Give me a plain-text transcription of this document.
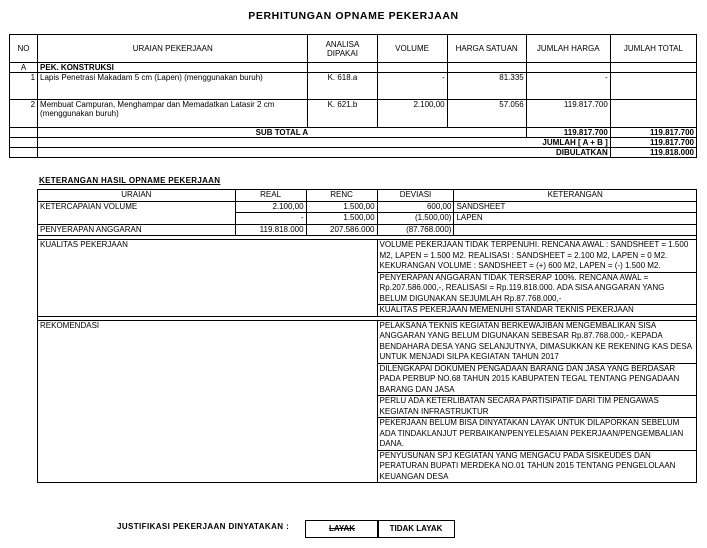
PERHITUNGAN OPNAME PEKERJAAN
NO	URAIAN PEKERJAAN	ANALISA DIPAKAI	VOLUME	HARGA SATUAN	JUMLAH HARGA	JUMLAH TOTAL
A	PEK. KONSTRUKSI					
1	Lapis Penetrasi Makadam 5 cm (Lapen) (menggunakan buruh)	K. 618.a	-	81.335	-	
2	Membuat Campuran, Menghampar dan Memadatkan Latasir 2 cm (menggunakan buruh)	K. 621.b	2.100,00	57.056	119.817.700	
	SUB TOTAL A				119.817.700	119.817.700
	JUMLAH [ A + B ]					119.817.700
	DIBULATKAN					119.818.000
KETERANGAN HASIL OPNAME PEKERJAAN
URAIAN	REAL	RENC	DEVIASI	KETERANGAN
KETERCAPAIAN VOLUME	2.100,00	1.500,00	600,00	SANDSHEET
	-	1.500,00	(1.500,00)	LAPEN
PENYERAPAN ANGGARAN	119.818.000	207.586.000	(87.768.000)	

KUALITAS PEKERJAAN			VOLUME PEKERJAAN TIDAK TERPENUHI. RENCANA AWAL : SANDSHEET = 1.500 M2, LAPEN = 1.500 M2. REALISASI : SANDSHEET = 2.100 M2, LAPEN = 0 M2. KEKURANGAN VOLUME : SANDSHEET = (+) 600 M2, LAPEN = (-) 1.500 M2.	
			PENYERAPAN ANGGARAN TIDAK TERSERAP 100%. RENCANA AWAL = Rp.207.586.000,-, REALISASI = Rp.119.818.000. ADA SISA ANGGARAN YANG BELUM DIGUNAKAN SEJUMLAH Rp.87.768.000,-	
			KUALITAS PEKERJAAN MEMENUHI STANDAR TEKNIS PEKERJAAN	

REKOMENDASI			PELAKSANA TEKNIS KEGIATAN BERKEWAJIBAN MENGEMBALIKAN SISA ANGGARAN YANG BELUM DIGUNAKAN SEBESAR Rp.87.768.000,- KEPADA BENDAHARA DESA YANG SELANJUTNYA, DIMASUKKAN KE REKENING KAS DESA UNTUK MENJADI SILPA KEGIATAN TAHUN 2017	
			DILENGKAPAI DOKUMEN PENGADAAN BARANG DAN JASA YANG BERDASAR PADA PERBUP NO.68 TAHUN 2015 KABUPATEN TEGAL TENTANG PENGADAAN BARANG DAN JASA	
			PERLU ADA KETERLIBATAN SECARA PARTISIPATIF DARI TIM PENGAWAS KEGIATAN INFRASTRUKTUR	
			PEKERJAAN BELUM BISA DINYATAKAN LAYAK UNTUK DILAPORKAN SEBELUM ADA TINDAKLANJUT PERBAIKAN/PENYELESAIAN PEKERJAAN/PENGEMBALIAN DANA.	
			PENYUSUNAN SPJ KEGIATAN YANG MENGACU PADA SISKEUDES DAN PERATURAN BUPATI MERDEKA NO.01 TAHUN 2015 TENTANG PENGELOLAAN KEUANGAN DESA	
JUSTIFIKASI PEKERJAAN DINYATAKAN :	LAYAK	TIDAK LAYAK
